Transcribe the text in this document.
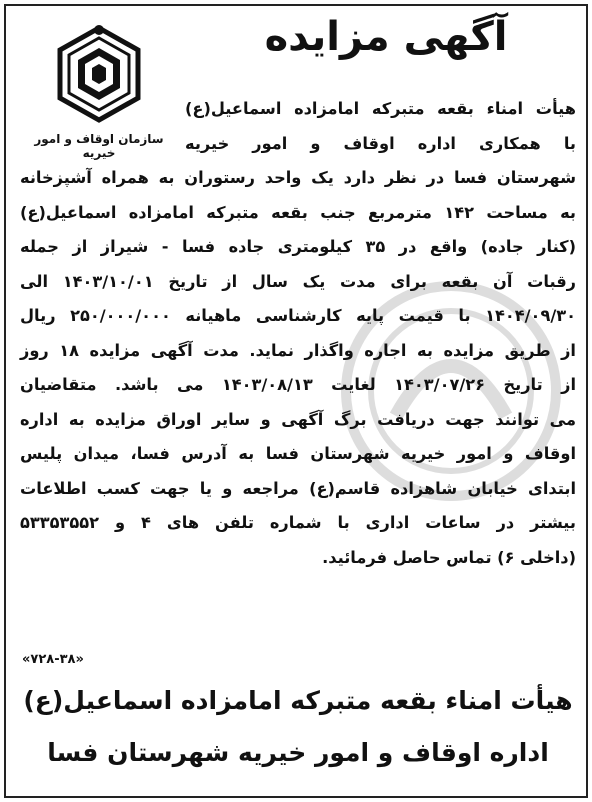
سازمان اوقاف و امور خیریه
آگهی مزایده
هیأت امناء بقعه متبرکه امامزاده اسماعیل(ع)
با همکاری اداره اوقاف و امور خیریه
شهرستان فسا در نظر دارد یک واحد رستوران به همراه آشپزخانه
به مساحت ۱۴۲ مترمربع جنب بقعه متبرکه امامزاده اسماعیل(ع)
(کنار جاده) واقع در ۳۵ کیلومتری جاده فسا - شیراز از جمله
رقبات آن بقعه برای مدت یک سال از تاریخ ۱۴۰۳/۱۰/۰۱ الی
۱۴۰۴/۰۹/۳۰ با قیمت پایه کارشناسی ماهیانه ۲۵۰/۰۰۰/۰۰۰ ریال
از طریق مزایده به اجاره واگذار نماید. مدت آگهی مزایده ۱۸ روز
از تاریخ ۱۴۰۳/۰۷/۲۶ لغایت ۱۴۰۳/۰۸/۱۳ می باشد. متقاضیان
می توانند جهت دریافت برگ آگهی و سایر اوراق مزایده به اداره
اوقاف و امور خیریه شهرستان فسا به آدرس فسا، میدان پلیس
ابتدای خیابان شاهزاده قاسم(ع) مراجعه و یا جهت کسب اطلاعات
بیشتر در ساعات اداری با شماره تلفن های ۴ و ۵۳۳۵۳۵۵۲
(داخلی ۶) تماس حاصل فرمائید.
«۷۲۸-۳۸»
هیأت امناء بقعه متبرکه امامزاده اسماعیل(ع)
اداره اوقاف و امور خیریه شهرستان فسا
